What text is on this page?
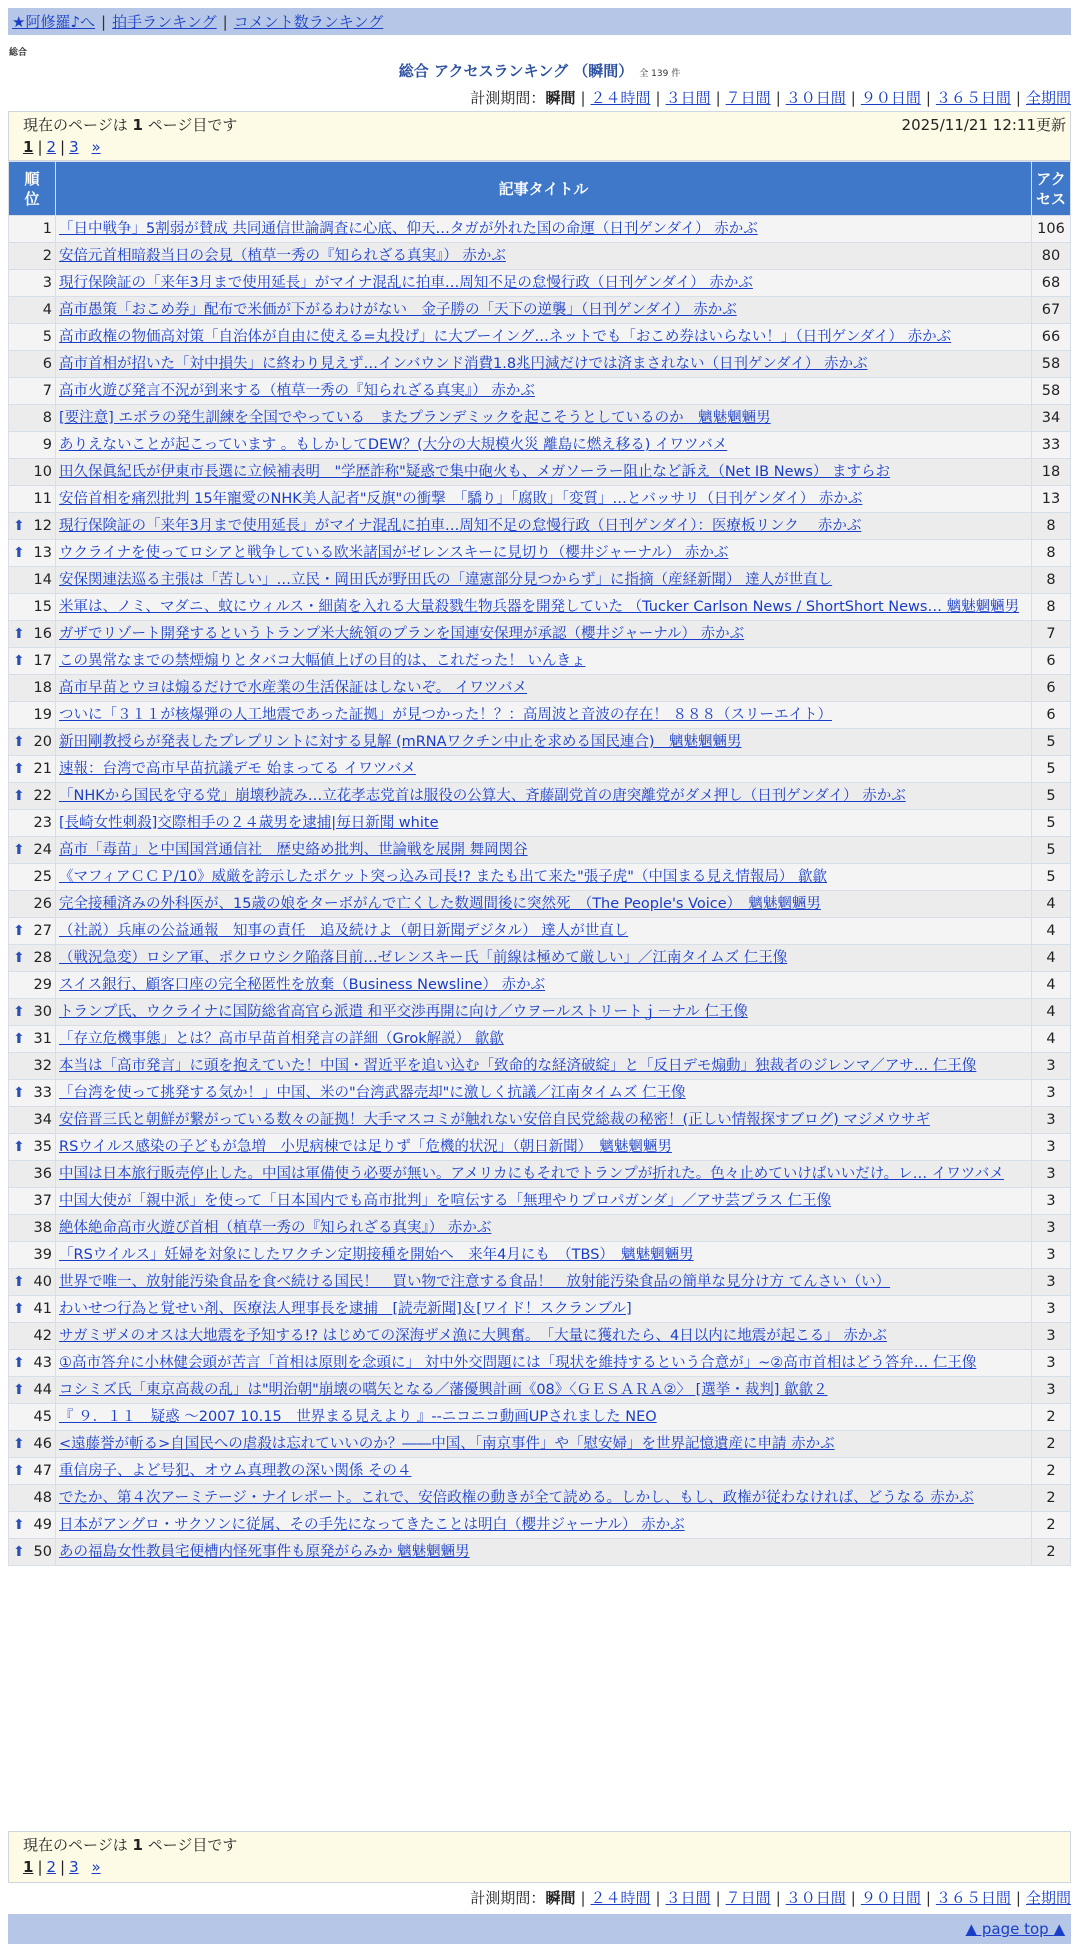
★阿修羅♪へ | 拍手ランキング | コメント数ランキング
総合
総合 アクセスランキング （瞬間） 全 139 件
計測期間：瞬間 | ２４時間 | ３日間 | ７日間 | ３０日間 | ９０日間 | ３６５日間 | 全期間
現在のページは 1 ページ目です	2025/11/21 12:11更新
1 | 2 | 3 »
順位	記事タイトル	アクセス
1	「日中戦争」5割弱が賛成 共同通信世論調査に心底、仰天…タガが外れた国の命運（日刊ゲンダイ） 赤かぶ	106
2	安倍元首相暗殺当日の会見（植草一秀の『知られざる真実』） 赤かぶ	80
3	現行保険証の「来年3月まで使用延長」がマイナ混乱に拍車…周知不足の怠慢行政（日刊ゲンダイ） 赤かぶ	68
4	高市愚策「おこめ券」配布で米価が下がるわけがない　金子勝の「天下の逆襲」（日刊ゲンダイ） 赤かぶ	67
5	高市政権の物価高対策「自治体が自由に使える=丸投げ」に大ブーイング…ネットでも「おこめ券はいらない！」（日刊ゲンダイ） 赤かぶ	66
6	高市首相が招いた「対中損失」に終わり見えず…インバウンド消費1.8兆円減だけでは済まされない（日刊ゲンダイ） 赤かぶ	58
7	高市火遊び発言不況が到来する（植草一秀の『知られざる真実』） 赤かぶ	58
8	[要注意] エボラの発生訓練を全国でやっている　またプランデミックを起こそうとしているのか　魑魅魍魎男	34
9	ありえないことが起こっています 。もしかしてDEW？(大分の大規模火災 離島に燃え移る) イワツバメ	33
10	田久保眞紀氏が伊東市長選に立候補表明　"学歴詐称"疑惑で集中砲火も、メガソーラー阻止など訴え（Net IB News） ますらお	18
11	安倍首相を痛烈批判 15年寵愛のNHK美人記者"反旗"の衝撃　「驕り」「腐敗」「変質」…とバッサリ（日刊ゲンダイ） 赤かぶ	13

⬆ 12	現行保険証の「来年3月まで使用延長」がマイナ混乱に拍車…周知不足の怠慢行政（日刊ゲンダイ）：医療板リンク　 赤かぶ	8

⬆ 13	ウクライナを使ってロシアと戦争している欧米諸国がゼレンスキーに見切り（櫻井ジャーナル） 赤かぶ	8
14	安保関連法巡る主張は「苦しい」…立民・岡田氏が野田氏の「違憲部分見つからず」に指摘（産経新聞） 達人が世直し	8
15	米軍は、ノミ、マダニ、蚊にウィルス・細菌を入れる大量殺戮生物兵器を開発していた （Tucker Carlson News / ShortShort News… 魑魅魍魎男	8

⬆ 16	ガザでリゾート開発するというトランプ米大統領のプランを国連安保理が承認（櫻井ジャーナル） 赤かぶ	7

⬆ 17	この異常なまでの禁煙煽りとタバコ大幅値上げの目的は、これだった！ いんきょ	6
18	高市早苗とウヨは煽るだけで水産業の生活保証はしないぞ。 イワツバメ	6
19	ついに「３１１が核爆弾の人工地震であった証拠」が見つかった！？：高周波と音波の存在！ ８８８（スリーエイト）	6

⬆ 20	新田剛教授らが発表したプレプリントに対する見解 (mRNAワクチン中止を求める国民連合)　魑魅魍魎男	5

⬆ 21	速報：台湾で高市早苗抗議デモ 始まってる イワツバメ	5

⬆ 22	「NHKから国民を守る党」崩壊秒読み…立花孝志党首は服役の公算大、斉藤副党首の唐突離党がダメ押し（日刊ゲンダイ） 赤かぶ	5
23	[長崎女性刺殺]交際相手の２４歳男を逮捕|毎日新聞 white	5

⬆ 24	高市「毒苗」と中国国営通信社　歴史絡め批判、世論戦を展開 舞岡関谷	5
25	《マフィアＣＣＰ/10》威厳を誇示したポケット突っ込み司長!? またも出て来た"張子虎"（中国まる見え情報局） 歙歙	5
26	完全接種済みの外科医が、15歳の娘をターボがんで亡くした数週間後に突然死　（The People's Voice）　魑魅魍魎男	4

⬆ 27	（社説）兵庫の公益通報　知事の責任　追及続けよ（朝日新聞デジタル） 達人が世直し	4

⬆ 28	（戦況急変）ロシア軍、ポクロウシク陥落目前…ゼレンスキー氏「前線は極めて厳しい」／江南タイムズ 仁王像	4
29	スイス銀行、顧客口座の完全秘匿性を放棄（Business Newsline） 赤かぶ	4

⬆ 30	トランプ氏、ウクライナに国防総省高官ら派遣 和平交渉再開に向け／ウヲールストリートｊ－ナル 仁王像	4

⬆ 31	「存立危機事態」とは？高市早苗首相発言の詳細（Grok解説） 歙歙	4
32	本当は「高市発言」に頭を抱えていた！中国・習近平を追い込む「致命的な経済破綻」と「反日デモ煽動」独裁者のジレンマ／アサ… 仁王像	3

⬆ 33	「台湾を使って挑発する気か！」中国、米の"台湾武器売却"に激しく抗議／江南タイムズ 仁王像	3
34	安倍晋三氏と朝鮮が繋がっている数々の証拠！大手マスコミが触れない安倍自民党総裁の秘密！(正しい情報探すブログ) マジメウサギ	3

⬆ 35	RSウイルス感染の子どもが急増　小児病棟では足りず「危機的状況」（朝日新聞）　魑魅魍魎男	3
36	中国は日本旅行販売停止した。中国は軍備使う必要が無い。アメリカにもそれでトランプが折れた。色々止めていけばいいだけ。レ… イワツバメ	3
37	中国大使が「親中派」を使って「日本国内でも高市批判」を喧伝する「無理やりプロパガンダ」／アサ芸プラス 仁王像	3
38	絶体絶命高市火遊び首相（植草一秀の『知られざる真実』） 赤かぶ	3
39	「RSウイルス」妊婦を対象にしたワクチン定期接種を開始へ　来年4月にも　（TBS）　魑魅魍魎男	3

⬆ 40	世界で唯一、放射能汚染食品を食べ続ける国民！　買い物で注意する食品！　放射能汚染食品の簡単な見分け方 てんさい（い）	3

⬆ 41	わいせつ行為と覚せい剤、医療法人理事長を逮捕　[読売新聞]＆[ワイド！スクランブル]	3
42	サガミザメのオスは大地震を予知する!? はじめての深海ザメ漁に大興奮。　「大量に獲れたら、4日以内に地震が起こる」 赤かぶ	3

⬆ 43	①高市答弁に小林健会頭が苦言「首相は原則を念頭に」 対中外交問題には「現状を維持するという合意が」~②高市首相はどう答弁… 仁王像	3

⬆ 44	コシミズ氏「東京高裁の乱」は"明治朝"崩壊の嚆矢となる／藩優興計画《08》〈ＧＥＳＡＲＡ②〉 [選挙・裁判] 歙歙２	3
45	『 ９．１１　疑惑 ～2007 10.15　世界まる見えより 』--ニコニコ動画UPされました NEO	2

⬆ 46	<遠藤誉が斬る>自国民への虐殺は忘れていいのか？――中国、「南京事件」や「慰安婦」を世界記憶遺産に申請 赤かぶ	2

⬆ 47	重信房子、よど号犯、オウム真理教の深い関係 その４	2
48	でたか、第４次アーミテージ・ナイレポート。これで、安倍政権の動きが全て読める。しかし、もし、政権が従わなければ、どうなる 赤かぶ	2

⬆ 49	日本がアングロ・サクソンに従属、その手先になってきたことは明白（櫻井ジャーナル） 赤かぶ	2

⬆ 50	あの福島女性教員宅便槽内怪死事件も原発がらみか 魑魅魍魎男	2
現在のページは 1 ページ目です
1 | 2 | 3 »
計測期間：瞬間 | ２４時間 | ３日間 | ７日間 | ３０日間 | ９０日間 | ３６５日間 | 全期間
▲ page top ▲
